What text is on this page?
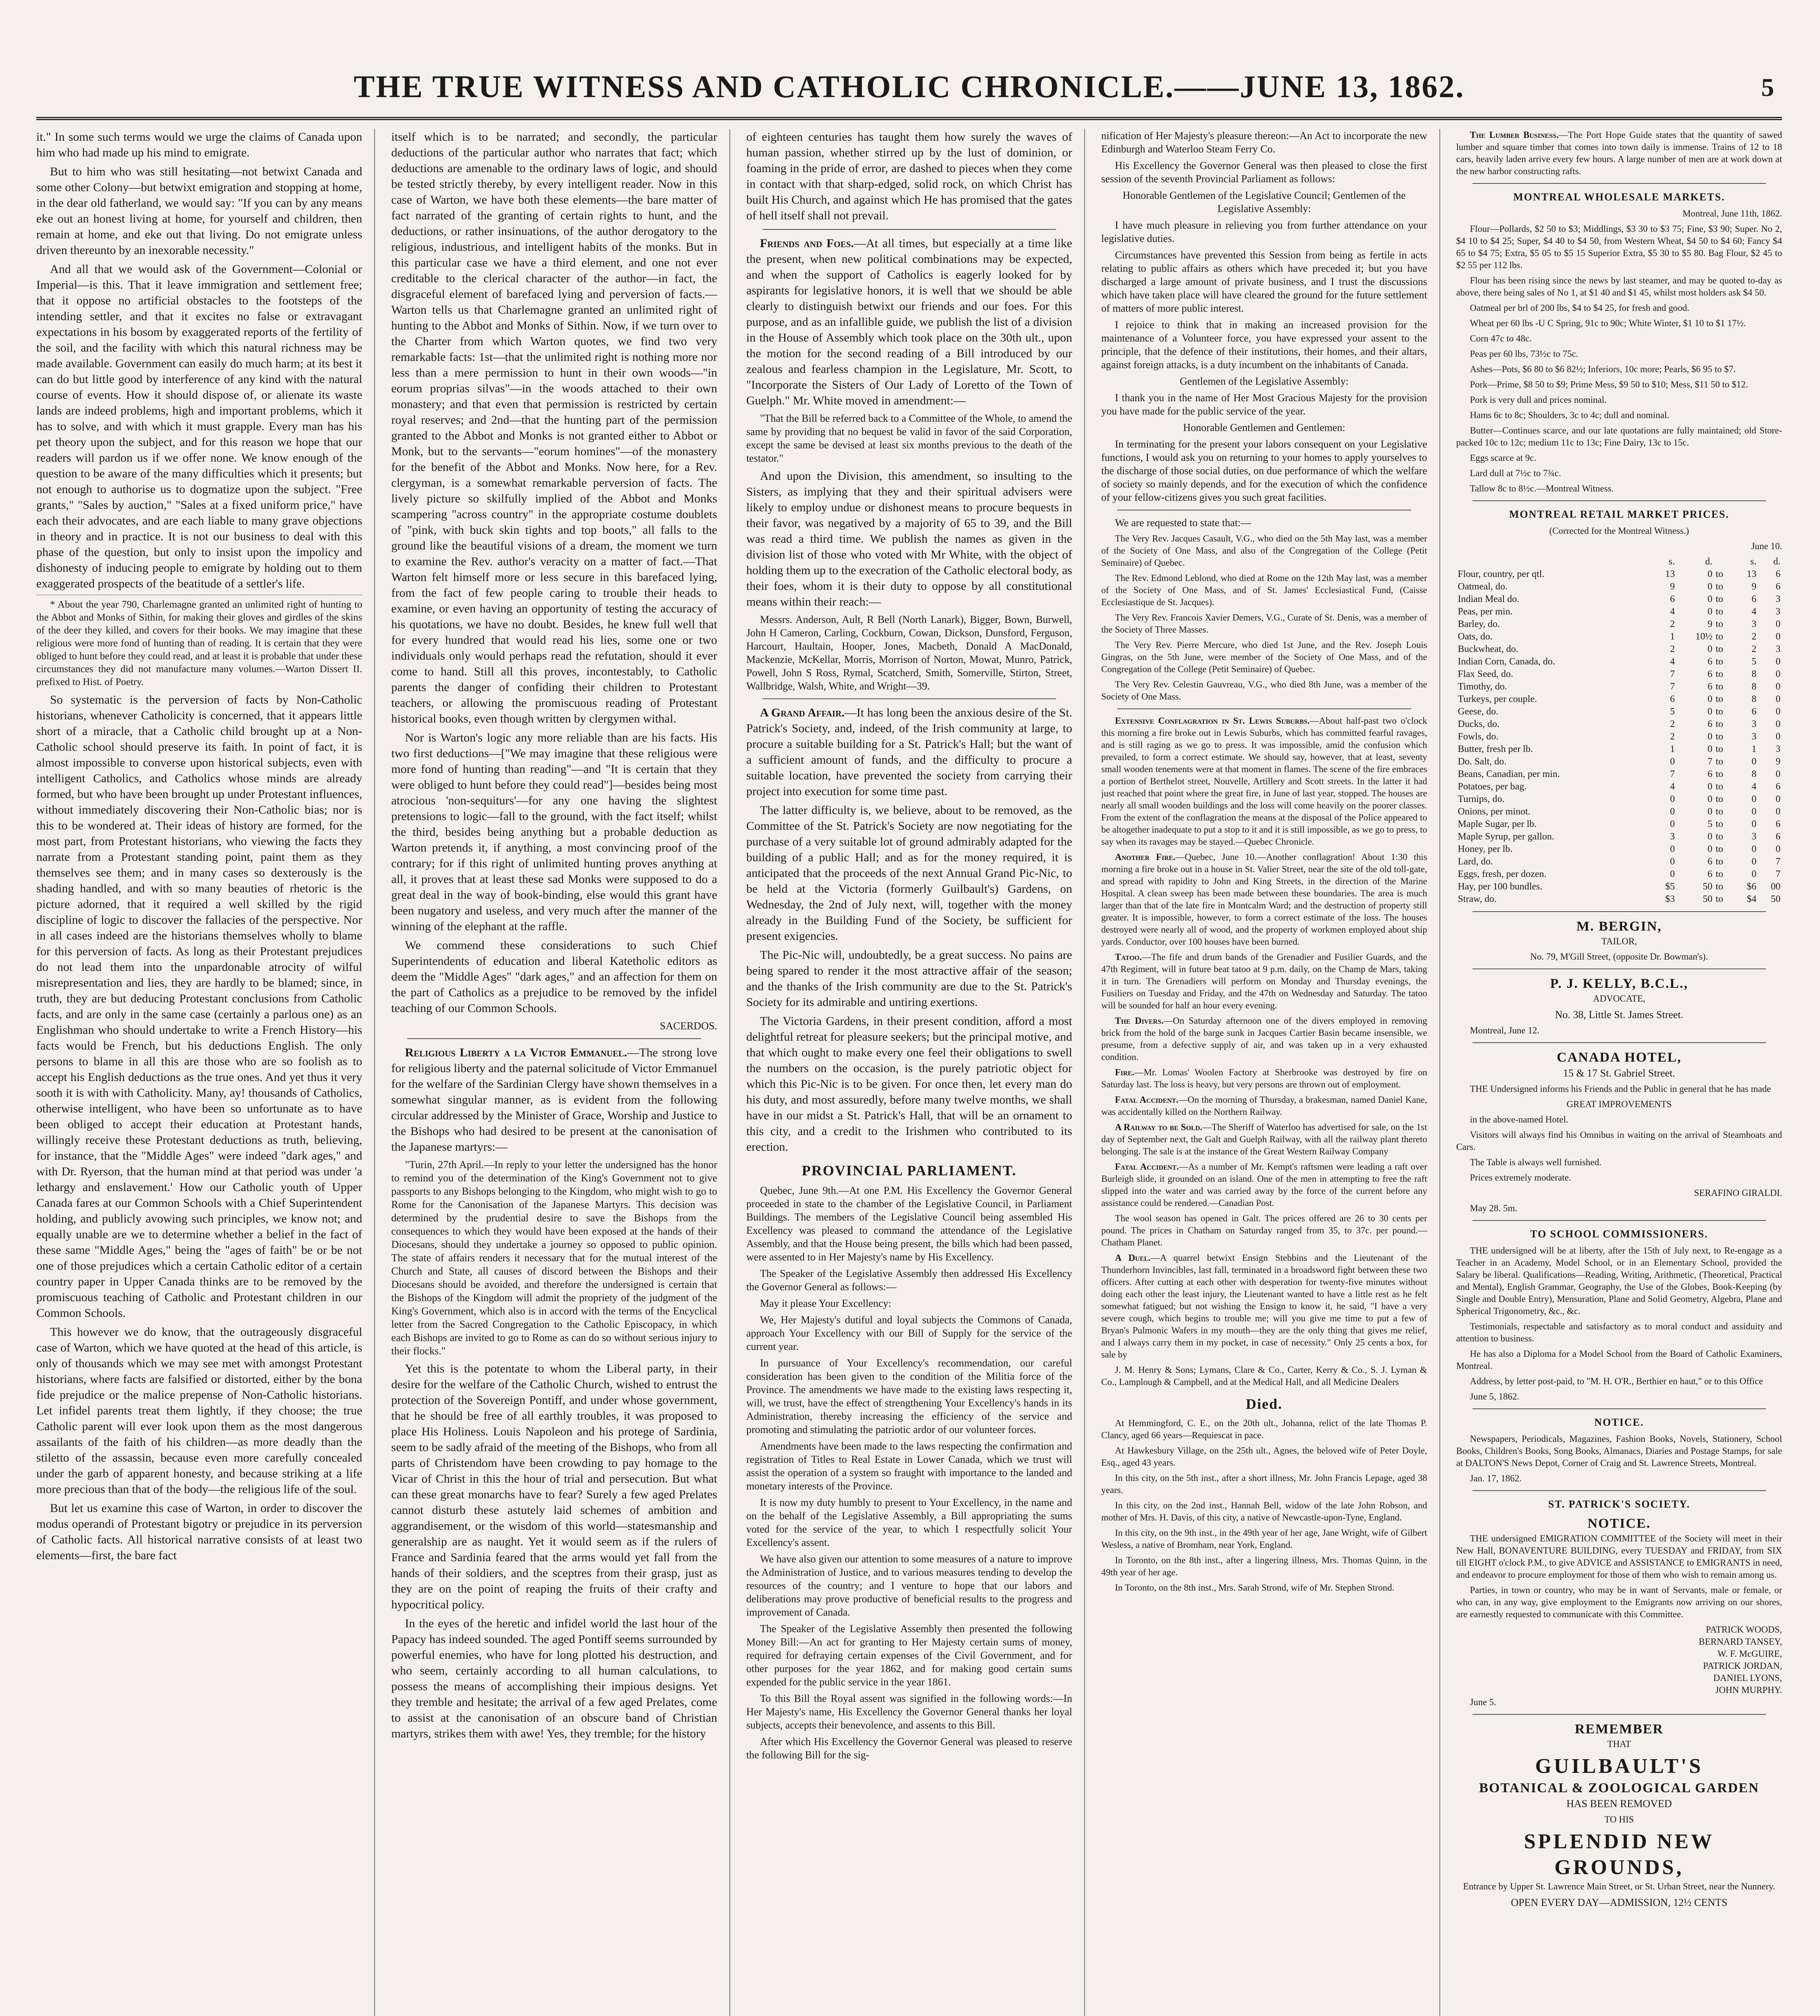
THE TRUE WITNESS AND CATHOLIC CHRONICLE.——JUNE 13, 1862.	5

it." In some such terms would we urge the claims of Canada upon him who had made up his mind to emigrate.

But to him who was still hesitating—not betwixt Canada and some other Colony—but betwixt emigration and stopping at home, in the dear old fatherland, we would say: "If you can by any means eke out an honest living at home, for yourself and children, then remain at home, and eke out that living. Do not emigrate unless driven thereunto by an inexorable necessity."

And all that we would ask of the Government—Colonial or Imperial—is this. That it leave immigration and settlement free; that it oppose no artificial obstacles to the footsteps of the intending settler, and that it excites no false or extravagant expectations in his bosom by exaggerated reports of the fertility of the soil, and the facility with which this natural richness may be made available. Government can easily do much harm; at its best it can do but little good by interference of any kind with the natural course of events. How it should dispose of, or alienate its waste lands are indeed problems, high and important problems, which it has to solve, and with which it must grapple. Every man has his pet theory upon the subject, and for this reason we hope that our readers will pardon us if we offer none. We know enough of the question to be aware of the many difficulties which it presents; but not enough to authorise us to dogmatize upon the subject. "Free grants," "Sales by auction," "Sales at a fixed uniform price," have each their advocates, and are each liable to many grave objections in theory and in practice. It is not our business to deal with this phase of the question, but only to insist upon the impolicy and dishonesty of inducing people to emigrate by holding out to them exaggerated prospects of the beatitude of a settler's life.

* About the year 790, Charlemagne granted an unlimited right of hunting to the Abbot and Monks of Sithin, for making their gloves and girdles of the skins of the deer they killed, and covers for their books. We may imagine that these religious were more fond of hunting than of reading. It is certain that they were obliged to hunt before they could read, and at least it is probable that under these circumstances they did not manufacture many volumes.—Warton Dissert II. prefixed to Hist. of Poetry.

So systematic is the perversion of facts by Non-Catholic historians, whenever Catholicity is concerned, that it appears little short of a miracle, that a Catholic child brought up at a Non-Catholic school should preserve its faith. In point of fact, it is almost impossible to converse upon historical subjects, even with intelligent Catholics, and Catholics whose minds are already formed, but who have been brought up under Protestant influences, without immediately discovering their Non-Catholic bias; nor is this to be wondered at. Their ideas of history are formed, for the most part, from Protestant historians, who viewing the facts they narrate from a Protestant standing point, paint them as they themselves see them; and in many cases so dexterously is the shading handled, and with so many beauties of rhetoric is the picture adorned, that it required a well skilled by the rigid discipline of logic to discover the fallacies of the perspective. Nor in all cases indeed are the historians themselves wholly to blame for this perversion of facts. As long as their Protestant prejudices do not lead them into the unpardonable atrocity of wilful misrepresentation and lies, they are hardly to be blamed; since, in truth, they are but deducing Protestant conclusions from Catholic facts, and are only in the same case (certainly a parlous one) as an Englishman who should undertake to write a French History—his facts would be French, but his deductions English. The only persons to blame in all this are those who are so foolish as to accept his English deductions as the true ones. And yet thus it very sooth it is with with Catholicity. Many, ay! thousands of Catholics, otherwise intelligent, who have been so unfortunate as to have been obliged to accept their education at Protestant hands, willingly receive these Protestant deductions as truth, believing, for instance, that the "Middle Ages" were indeed "dark ages," and with Dr. Ryerson, that the human mind at that period was under 'a lethargy and enslavement.' How our Catholic youth of Upper Canada fares at our Common Schools with a Chief Superintendent holding, and publicly avowing such principles, we know not; and equally unable are we to determine whether a belief in the fact of these same "Middle Ages," being the "ages of faith" be or be not one of those prejudices which a certain Catholic editor of a certain country paper in Upper Canada thinks are to be removed by the promiscuous teaching of Catholic and Protestant children in our Common Schools.

This however we do know, that the outrageously disgraceful case of Warton, which we have quoted at the head of this article, is only of thousands which we may see met with amongst Protestant historians, where facts are falsified or distorted, either by the bona fide prejudice or the malice prepense of Non-Catholic historians. Let infidel parents treat them lightly, if they choose; the true Catholic parent will ever look upon them as the most dangerous assailants of the faith of his children—as more deadly than the stiletto of the assassin, because even more carefully concealed under the garb of apparent honesty, and because striking at a life more precious than that of the body—the religious life of the soul.

But let us examine this case of Warton, in order to discover the modus operandi of Protestant bigotry or prejudice in its perversion of Catholic facts. All historical narrative consists of at least two elements—first, the bare fact

itself which is to be narrated; and secondly, the particular deductions of the particular author who narrates that fact; which deductions are amenable to the ordinary laws of logic, and should be tested strictly thereby, by every intelligent reader. Now in this case of Warton, we have both these elements—the bare matter of fact narrated of the granting of certain rights to hunt, and the deductions, or rather insinuations, of the author derogatory to the religious, industrious, and intelligent habits of the monks. But in this particular case we have a third element, and one not ever creditable to the clerical character of the author—in fact, the disgraceful element of barefaced lying and perversion of facts.—Warton tells us that Charlemagne granted an unlimited right of hunting to the Abbot and Monks of Sithin. Now, if we turn over to the Charter from which Warton quotes, we find two very remarkable facts: 1st—that the unlimited right is nothing more nor less than a mere permission to hunt in their own woods—"in eorum proprias silvas"—in the woods attached to their own monastery; and that even that permission is restricted by certain royal reserves; and 2nd—that the hunting part of the permission granted to the Abbot and Monks is not granted either to Abbot or Monk, but to the servants—"eorum homines"—of the monastery for the benefit of the Abbot and Monks. Now here, for a Rev. clergyman, is a somewhat remarkable perversion of facts. The lively picture so skilfully implied of the Abbot and Monks scampering "across country" in the appropriate costume doublets of "pink, with buck skin tights and top boots," all falls to the ground like the beautiful visions of a dream, the moment we turn to examine the Rev. author's veracity on a matter of fact.—That Warton felt himself more or less secure in this barefaced lying, from the fact of few people caring to trouble their heads to examine, or even having an opportunity of testing the accuracy of his quotations, we have no doubt. Besides, he knew full well that for every hundred that would read his lies, some one or two individuals only would perhaps read the refutation, should it ever come to hand. Still all this proves, incontestably, to Catholic parents the danger of confiding their children to Protestant teachers, or allowing the promiscuous reading of Protestant historical books, even though written by clergymen withal.

Nor is Warton's logic any more reliable than are his facts. His two first deductions—["We may imagine that these religious were more fond of hunting than reading"—and "It is certain that they were obliged to hunt before they could read"]—besides being most atrocious 'non-sequiturs'—for any one having the slightest pretensions to logic—fall to the ground, with the fact itself; whilst the third, besides being anything but a probable deduction as Warton pretends it, if anything, a most convincing proof of the contrary; for if this right of unlimited hunting proves anything at all, it proves that at least these sad Monks were supposed to do a great deal in the way of book-binding, else would this grant have been nugatory and useless, and very much after the manner of the winning of the elephant at the raffle.

We commend these considerations to such Chief Superintendents of education and liberal Katetholic editors as deem the "Middle Ages" "dark ages," and an affection for them on the part of Catholics as a prejudice to be removed by the infidel teaching of our Common Schools.

SACERDOS.

Religious Liberty a la Victor Emmanuel.—The strong love for religious liberty and the paternal solicitude of Victor Emmanuel for the welfare of the Sardinian Clergy have shown themselves in a somewhat singular manner, as is evident from the following circular addressed by the Minister of Grace, Worship and Justice to the Bishops who had desired to be present at the canonisation of the Japanese martyrs:—

"Turin, 27th April.—In reply to your letter the undersigned has the honor to remind you of the determination of the King's Government not to give passports to any Bishops belonging to the Kingdom, who might wish to go to Rome for the Canonisation of the Japanese Martyrs. This decision was determined by the prudential desire to save the Bishops from the consequences to which they would have been exposed at the hands of their Diocesans, should they undertake a journey so opposed to public opinion. The state of affairs renders it necessary that for the mutual interest of the Church and State, all causes of discord between the Bishops and their Diocesans should be avoided, and therefore the undersigned is certain that the Bishops of the Kingdom will admit the propriety of the judgment of the King's Government, which also is in accord with the terms of the Encyclical letter from the Sacred Congregation to the Catholic Episcopacy, in which each Bishops are invited to go to Rome as can do so without serious injury to their flocks."

Yet this is the potentate to whom the Liberal party, in their desire for the welfare of the Catholic Church, wished to entrust the protection of the Sovereign Pontiff, and under whose government, that he should be free of all earthly troubles, it was proposed to place His Holiness. Louis Napoleon and his protege of Sardinia, seem to be sadly afraid of the meeting of the Bishops, who from all parts of Christendom have been crowding to pay homage to the Vicar of Christ in this the hour of trial and persecution. But what can these great monarchs have to fear? Surely a few aged Prelates cannot disturb these astutely laid schemes of ambition and aggrandisement, or the wisdom of this world—statesmanship and generalship are as naught. Yet it would seem as if the rulers of France and Sardinia feared that the arms would yet fall from the hands of their soldiers, and the sceptres from their grasp, just as they are on the point of reaping the fruits of their crafty and hypocritical policy.

In the eyes of the heretic and infidel world the last hour of the Papacy has indeed sounded. The aged Pontiff seems surrounded by powerful enemies, who have for long plotted his destruction, and who seem, certainly according to all human calculations, to possess the means of accomplishing their impious designs. Yet they tremble and hesitate; the arrival of a few aged Prelates, come to assist at the canonisation of an obscure band of Christian martyrs, strikes them with awe! Yes, they tremble; for the history

of eighteen centuries has taught them how surely the waves of human passion, whether stirred up by the lust of dominion, or foaming in the pride of error, are dashed to pieces when they come in contact with that sharp-edged, solid rock, on which Christ has built His Church, and against which He has promised that the gates of hell itself shall not prevail.

Friends and Foes.—At all times, but especially at a time like the present, when new political combinations may be expected, and when the support of Catholics is eagerly looked for by aspirants for legislative honors, it is well that we should be able clearly to distinguish betwixt our friends and our foes. For this purpose, and as an infallible guide, we publish the list of a division in the House of Assembly which took place on the 30th ult., upon the motion for the second reading of a Bill introduced by our zealous and fearless champion in the Legislature, Mr. Scott, to "Incorporate the Sisters of Our Lady of Loretto of the Town of Guelph." Mr. White moved in amendment:—

"That the Bill be referred back to a Committee of the Whole, to amend the same by providing that no bequest be valid in favor of the said Corporation, except the same be devised at least six months previous to the death of the testator."

And upon the Division, this amendment, so insulting to the Sisters, as implying that they and their spiritual advisers were likely to employ undue or dishonest means to procure bequests in their favor, was negatived by a majority of 65 to 39, and the Bill was read a third time. We publish the names as given in the division list of those who voted with Mr White, with the object of holding them up to the execration of the Catholic electoral body, as their foes, whom it is their duty to oppose by all constitutional means within their reach:—

Messrs. Anderson, Ault, R Bell (North Lanark), Bigger, Bown, Burwell, John H Cameron, Carling, Cockburn, Cowan, Dickson, Dunsford, Ferguson, Harcourt, Haultain, Hooper, Jones, Macbeth, Donald A MacDonald, Mackenzie, McKellar, Morris, Morrison of Norton, Mowat, Munro, Patrick, Powell, John S Ross, Rymal, Scatcherd, Smith, Somerville, Stirton, Street, Wallbridge, Walsh, White, and Wright—39.

A Grand Affair.—It has long been the anxious desire of the St. Patrick's Society, and, indeed, of the Irish community at large, to procure a suitable building for a St. Patrick's Hall; but the want of a sufficient amount of funds, and the difficulty to procure a suitable location, have prevented the society from carrying their project into execution for some time past.

The latter difficulty is, we believe, about to be removed, as the Committee of the St. Patrick's Society are now negotiating for the purchase of a very suitable lot of ground admirably adapted for the building of a public Hall; and as for the money required, it is anticipated that the proceeds of the next Annual Grand Pic-Nic, to be held at the Victoria (formerly Guilbault's) Gardens, on Wednesday, the 2nd of July next, will, together with the money already in the Building Fund of the Society, be sufficient for present exigencies.

The Pic-Nic will, undoubtedly, be a great success. No pains are being spared to render it the most attractive affair of the season; and the thanks of the Irish community are due to the St. Patrick's Society for its admirable and untiring exertions.

The Victoria Gardens, in their present condition, afford a most delightful retreat for pleasure seekers; but the principal motive, and that which ought to make every one feel their obligations to swell the numbers on the occasion, is the purely patriotic object for which this Pic-Nic is to be given. For once then, let every man do his duty, and most assuredly, before many twelve months, we shall have in our midst a St. Patrick's Hall, that will be an ornament to this city, and a credit to the Irishmen who contributed to its erection.

PROVINCIAL PARLIAMENT.

Quebec, June 9th.—At one P.M. His Excellency the Governor General proceeded in state to the chamber of the Legislative Council, in Parliament Buildings. The members of the Legislative Council being assembled His Excellency was pleased to command the attendance of the Legislative Assembly, and that the House being present, the bills which had been passed, were assented to in Her Majesty's name by His Excellency.

The Speaker of the Legislative Assembly then addressed His Excellency the Governor General as follows:—

May it please Your Excellency:

We, Her Majesty's dutiful and loyal subjects the Commons of Canada, approach Your Excellency with our Bill of Supply for the service of the current year.

In pursuance of Your Excellency's recommendation, our careful consideration has been given to the condition of the Militia force of the Province. The amendments we have made to the existing laws respecting it, will, we trust, have the effect of strengthening Your Excellency's hands in its Administration, thereby increasing the efficiency of the service and promoting and stimulating the patriotic ardor of our volunteer forces.

Amendments have been made to the laws respecting the confirmation and registration of Titles to Real Estate in Lower Canada, which we trust will assist the operation of a system so fraught with importance to the landed and monetary interests of the Province.

It is now my duty humbly to present to Your Excellency, in the name and on the behalf of the Legislative Assembly, a Bill appropriating the sums voted for the service of the year, to which I respectfully solicit Your Excellency's assent.

We have also given our attention to some measures of a nature to improve the Administration of Justice, and to various measures tending to develop the resources of the country; and I venture to hope that our labors and deliberations may prove productive of beneficial results to the progress and improvement of Canada.

The Speaker of the Legislative Assembly then presented the following Money Bill:—An act for granting to Her Majesty certain sums of money, required for defraying certain expenses of the Civil Government, and for other purposes for the year 1862, and for making good certain sums expended for the public service in the year 1861.

To this Bill the Royal assent was signified in the following words:—In Her Majesty's name, His Excellency the Governor General thanks her loyal subjects, accepts their benevolence, and assents to this Bill.

After which His Excellency the Governor General was pleased to reserve the following Bill for the sig-

nification of Her Majesty's pleasure thereon:—An Act to incorporate the new Edinburgh and Waterloo Steam Ferry Co.

His Excellency the Governor General was then pleased to close the first session of the seventh Provincial Parliament as follows:

Honorable Gentlemen of the Legislative Council; Gentlemen of the Legislative Assembly:

I have much pleasure in relieving you from further attendance on your legislative duties.

Circumstances have prevented this Session from being as fertile in acts relating to public affairs as others which have preceded it; but you have discharged a large amount of private business, and I trust the discussions which have taken place will have cleared the ground for the future settlement of matters of more public interest.

I rejoice to think that in making an increased provision for the maintenance of a Volunteer force, you have expressed your assent to the principle, that the defence of their institutions, their homes, and their altars, against foreign attacks, is a duty incumbent on the inhabitants of Canada.

Gentlemen of the Legislative Assembly:

I thank you in the name of Her Most Gracious Majesty for the provision you have made for the public service of the year.

Honorable Gentlemen and Gentlemen:

In terminating for the present your labors consequent on your Legislative functions, I would ask you on returning to your homes to apply yourselves to the discharge of those social duties, on due performance of which the welfare of society so mainly depends, and for the execution of which the confidence of your fellow-citizens gives you such great facilities.

We are requested to state that:—

The Very Rev. Jacques Casault, V.G., who died on the 5th May last, was a member of the Society of One Mass, and also of the Congregation of the College (Petit Seminaire) of Quebec.

The Rev. Edmond Leblond, who died at Rome on the 12th May last, was a member of the Society of One Mass, and of St. James' Ecclesiastical Fund, (Caisse Ecclesiastique de St. Jacques).

The Very Rev. Francois Xavier Demers, V.G., Curate of St. Denis, was a member of the Society of Three Masses.

The Very Rev. Pierre Mercure, who died 1st June, and the Rev. Joseph Louis Gingras, on the 5th June, were member of the Society of One Mass, and of the Congregation of the College (Petit Seminaire) of Quebec.

The Very Rev. Celestin Gauvreau, V.G., who died 8th June, was a member of the Society of One Mass.

Extensive Conflagration in St. Lewis Suburbs.—About half-past two o'clock this morning a fire broke out in Lewis Suburbs, which has committed fearful ravages, and is still raging as we go to press. It was impossible, amid the confusion which prevailed, to form a correct estimate. We should say, however, that at least, seventy small wooden tenements were at that moment in flames. The scene of the fire embraces a portion of Berthelot street, Nouvelle, Artillery and Scott streets. In the latter it had just reached that point where the great fire, in June of last year, stopped. The houses are nearly all small wooden buildings and the loss will come heavily on the poorer classes. From the extent of the conflagration the means at the disposal of the Police appeared to be altogether inadequate to put a stop to it and it is still impossible, as we go to press, to say when its ravages may be stayed.—Quebec Chronicle.

Another Fire.—Quebec, June 10.—Another conflagration! About 1:30 this morning a fire broke out in a house in St. Valier Street, near the site of the old toll-gate, and spread with rapidity to John and King Streets, in the direction of the Marine Hospital. A clean sweep has been made between these boundaries. The area is much larger than that of the late fire in Montcalm Ward; and the destruction of property still greater. It is impossible, however, to form a correct estimate of the loss. The houses destroyed were nearly all of wood, and the property of workmen employed about ship yards. Conductor, over 100 houses have been burned.

Tatoo.—The fife and drum bands of the Grenadier and Fusilier Guards, and the 47th Regiment, will in future beat tatoo at 9 p.m. daily, on the Champ de Mars, taking it in turn. The Grenadiers will perform on Monday and Thursday evenings, the Fusiliers on Tuesday and Friday, and the 47th on Wednesday and Saturday. The tatoo will be sounded for half an hour every evening.

The Divers.—On Saturday afternoon one of the divers employed in removing brick from the hold of the barge sunk in Jacques Cartier Basin became insensible, we presume, from a defective supply of air, and was taken up in a very exhausted condition.

Fire.—Mr. Lomas' Woolen Factory at Sherbrooke was destroyed by fire on Saturday last. The loss is heavy, but very persons are thrown out of employment.

Fatal Accident.—On the morning of Thursday, a brakesman, named Daniel Kane, was accidentally killed on the Northern Railway.

A Railway to be Sold.—The Sheriff of Waterloo has advertised for sale, on the 1st day of September next, the Galt and Guelph Railway, with all the railway plant thereto belonging. The sale is at the instance of the Great Western Railway Company

Fatal Accident.—As a number of Mr. Kempt's raftsmen were leading a raft over Burleigh slide, it grounded on an island. One of the men in attempting to free the raft slipped into the water and was carried away by the force of the current before any assistance could be rendered.—Canadian Post.

The wool season has opened in Galt. The prices offered are 26 to 30 cents per pound. The prices in Chatham on Saturday ranged from 35, to 37c. per pound.—Chatham Planet.

A Duel.—A quarrel betwixt Ensign Stebbins and the Lieutenant of the Thunderhorn Invincibles, last fall, terminated in a broadsword fight between these two officers. After cutting at each other with desperation for twenty-five minutes without doing each other the least injury, the Lieutenant wanted to have a little rest as he felt somewhat fatigued; but not wishing the Ensign to know it, he said, "I have a very severe cough, which begins to trouble me; will you give me time to put a few of Bryan's Pulmonic Wafers in my mouth—they are the only thing that gives me relief, and I always carry them in my pocket, in case of necessity." Only 25 cents a box, for sale by

J. M. Henry & Sons; Lymans, Clare & Co., Carter, Kerry & Co., S. J. Lyman & Co., Lamplough & Campbell, and at the Medical Hall, and all Medicine Dealers

Died.

At Hemmingford, C. E., on the 20th ult., Johanna, relict of the late Thomas P. Clancy, aged 66 years—Requiescat in pace.

At Hawkesbury Village, on the 25th ult., Agnes, the beloved wife of Peter Doyle, Esq., aged 43 years.

In this city, on the 5th inst., after a short illness, Mr. John Francis Lepage, aged 38 years.

In this city, on the 2nd inst., Hannah Bell, widow of the late John Robson, and mother of Mrs. H. Davis, of this city, a native of Newcastle-upon-Tyne, England.

In this city, on the 9th inst., in the 49th year of her age, Jane Wright, wife of Gilbert Wesless, a native of Bromham, near York, England.

In Toronto, on the 8th inst., after a lingering illness, Mrs. Thomas Quinn, in the 49th year of her age.

In Toronto, on the 8th inst., Mrs. Sarah Strond, wife of Mr. Stephen Strond.

The Lumber Business.—The Port Hope Guide states that the quantity of sawed lumber and square timber that comes into town daily is immense. Trains of 12 to 18 cars, heavily laden arrive every few hours. A large number of men are at work down at the new harbor constructing rafts.

MONTREAL WHOLESALE MARKETS.

Montreal, June 11th, 1862.

Flour—Pollards, $2 50 to $3; Middlings, $3 30 to $3 75; Fine, $3 90; Super. No 2, $4 10 to $4 25; Super, $4 40 to $4 50, from Western Wheat, $4 50 to $4 60; Fancy $4 65 to $4 75; Extra, $5 05 to $5 15 Superior Extra, $5 30 to $5 80. Bag Flour, $2 45 to $2 55 per 112 lbs.

Flour has been rising since the news by last steamer, and may be quoted to-day as above, there being sales of No 1, at $1 40 and $1 45, whilst most holders ask $4 50.

Oatmeal per brl of 200 lbs, $4 to $4 25, for fresh and good.

Wheat per 60 lbs -U C Spring, 91c to 90c; White Winter, $1 10 to $1 17½.

Corn 47c to 48c.

Peas per 60 lbs, 73½c to 75c.

Ashes—Pots, $6 80 to $6 82½; Inferiors, 10c more; Pearls, $6 95 to $7.

Pork—Prime, $8 50 to $9; Prime Mess, $9 50 to $10; Mess, $11 50 to $12.

Pork is very dull and prices nominal.

Hams 6c to 8c; Shoulders, 3c to 4c; dull and nominal.

Butter—Continues scarce, and our late quotations are fully maintained; old Store-packed 10c to 12c; medium 11c to 13c; Fine Dairy, 13c to 15c.

Eggs scarce at 9c.

Lard dull at 7½c to 7¾c.

Tallow 8c to 8½c.—Montreal Witness.

MONTREAL RETAIL MARKET PRICES.

(Corrected for the Montreal Witness.)

June 10.

	s.	d.		s.	d.
Flour, country, per qtl.	13	0	to	13	6
Oatmeal, do.	9	0	to	9	6
Indian Meal do.	6	0	to	6	3
Peas, per min.	4	0	to	4	3
Barley, do.	2	9	to	3	0
Oats, do.	1	10½	to	2	0
Buckwheat, do.	2	0	to	2	3
Indian Corn, Canada, do.	4	6	to	5	0
Flax Seed, do.	7	6	to	8	0
Timothy, do.	7	6	to	8	0
Turkeys, per couple.	6	0	to	8	0
Geese, do.	5	0	to	6	0
Ducks, do.	2	6	to	3	0
Fowls, do.	2	0	to	3	0
Butter, fresh per lb.	1	0	to	1	3
Do. Salt, do.	0	7	to	0	9
Beans, Canadian, per min.	7	6	to	8	0
Potatoes, per bag.	4	0	to	4	6
Turnips, do.	0	0	to	0	0
Onions, per minot.	0	0	to	0	0
Maple Sugar, per lb.	0	5	to	0	6
Maple Syrup, per gallon.	3	0	to	3	6
Honey, per lb.	0	0	to	0	0
Lard, do.	0	6	to	0	7
Eggs, fresh, per dozen.	0	6	to	0	7
Hay, per 100 bundles.	$5	50	to	$6	00
Straw, do.	$3	50	to	$4	50
M. BERGIN,

TAILOR,

No. 79, M'Gill Street, (opposite Dr. Bowman's).

P. J. KELLY, B.C.L.,

ADVOCATE,

No. 38, Little St. James Street.

Montreal, June 12.

CANADA HOTEL,

15 & 17 St. Gabriel Street.

THE Undersigned informs his Friends and the Public in general that he has made

GREAT IMPROVEMENTS

in the above-named Hotel.

Visitors will always find his Omnibus in waiting on the arrival of Steamboats and Cars.

The Table is always well furnished.

Prices extremely moderate.

SERAFINO GIRALDI.

May 28. 5m.

TO SCHOOL COMMISSIONERS.

THE undersigned will be at liberty, after the 15th of July next, to Re-engage as a Teacher in an Academy, Model School, or in an Elementary School, provided the Salary be liberal. Qualifications—Reading, Writing, Arithmetic, (Theoretical, Practical and Mental), English Grammar, Geography, the Use of the Globes, Book-Keeping (by Single and Double Entry), Mensuration, Plane and Solid Geometry, Algebra, Plane and Spherical Trigonometry, &c., &c.

Testimonials, respectable and satisfactory as to moral conduct and assiduity and attention to business.

He has also a Diploma for a Model School from the Board of Catholic Examiners, Montreal.

Address, by letter post-paid, to "M. H. O'R., Berthier en haut," or to this Office

June 5, 1862.

NOTICE.

Newspapers, Periodicals, Magazines, Fashion Books, Novels, Stationery, School Books, Children's Books, Song Books, Almanacs, Diaries and Postage Stamps, for sale at DALTON'S News Depot, Corner of Craig and St. Lawrence Streets, Montreal.

Jan. 17, 1862.

ST. PATRICK'S SOCIETY.
NOTICE.

THE undersigned EMIGRATION COMMITTEE of the Society will meet in their New Hall, BONAVENTURE BUILDING, every TUESDAY and FRIDAY, from SIX till EIGHT o'clock P.M., to give ADVICE and ASSISTANCE to EMIGRANTS in need, and endeavor to procure employment for those of them who wish to remain among us.

Parties, in town or country, who may be in want of Servants, male or female, or who can, in any way, give employment to the Emigrants now arriving on our shores, are earnestly requested to communicate with this Committee.

PATRICK WOODS,
BERNARD TANSEY,
W. F. McGUIRE,
PATRICK JORDAN,
DANIEL LYONS,
JOHN MURPHY.

June 5.

REMEMBER

THAT

GUILBAULT'S
BOTANICAL & ZOOLOGICAL GARDEN

HAS BEEN REMOVED

TO HIS

SPLENDID NEW GROUNDS,

Entrance by Upper St. Lawrence Main Street, or St. Urban Street, near the Nunnery.

OPEN EVERY DAY—ADMISSION, 12½ CENTS
